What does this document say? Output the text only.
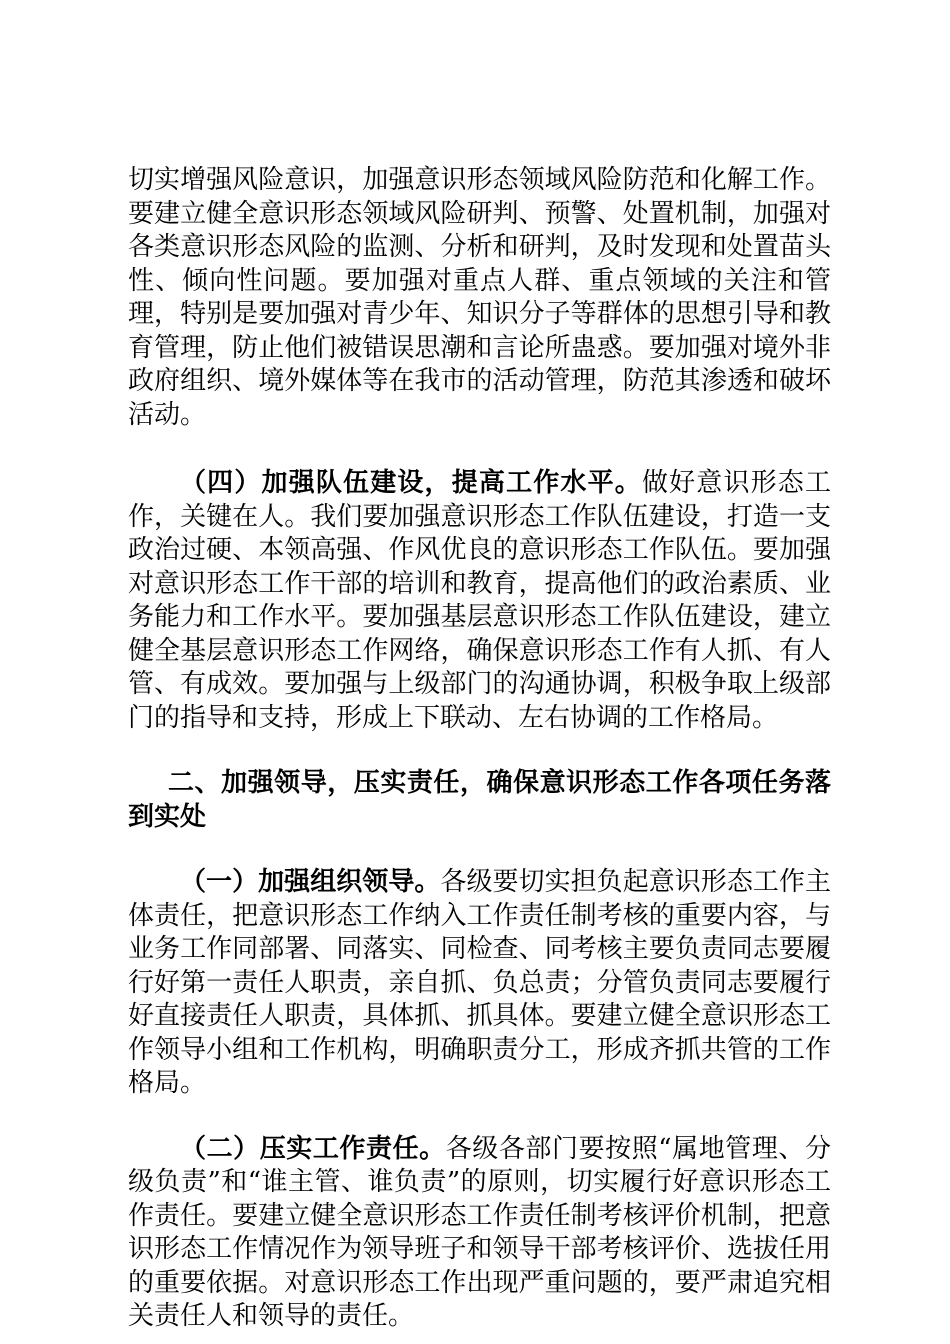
切实增强风险意识，加强意识形态领域风险防范和化解工作。要建立健全意识形态领域风险研判、预警、处置机制，加强对各类意识形态风险的监测、分析和研判，及时发现和处置苗头性、倾向性问题。要加强对重点人群、重点领域的关注和管理，特别是要加强对青少年、知识分子等群体的思想引导和教育管理，防止他们被错误思潮和言论所蛊惑。要加强对境外非政府组织、境外媒体等在我市的活动管理，防范其渗透和破坏活动。

（四）加强队伍建设，提高工作水平。做好意识形态工作，关键在人。我们要加强意识形态工作队伍建设，打造一支政治过硬、本领高强、作风优良的意识形态工作队伍。要加强对意识形态工作干部的培训和教育，提高他们的政治素质、业务能力和工作水平。要加强基层意识形态工作队伍建设，建立健全基层意识形态工作网络，确保意识形态工作有人抓、有人管、有成效。要加强与上级部门的沟通协调，积极争取上级部门的指导和支持，形成上下联动、左右协调的工作格局。

二、加强领导，压实责任，确保意识形态工作各项任务落到实处

（一）加强组织领导。各级要切实担负起意识形态工作主体责任，把意识形态工作纳入工作责任制考核的重要内容，与业务工作同部署、同落实、同检查、同考核主要负责同志要履行好第一责任人职责，亲自抓、负总责；分管负责同志要履行好直接责任人职责，具体抓、抓具体。要建立健全意识形态工作领导小组和工作机构，明确职责分工，形成齐抓共管的工作格局。

（二）压实工作责任。各级各部门要按照“属地管理、分级负责”和“谁主管、谁负责”的原则，切实履行好意识形态工作责任。要建立健全意识形态工作责任制考核评价机制，把意识形态工作情况作为领导班子和领导干部考核评价、选拔任用的重要依据。对意识形态工作出现严重问题的，要严肃追究相关责任人和领导的责任。
